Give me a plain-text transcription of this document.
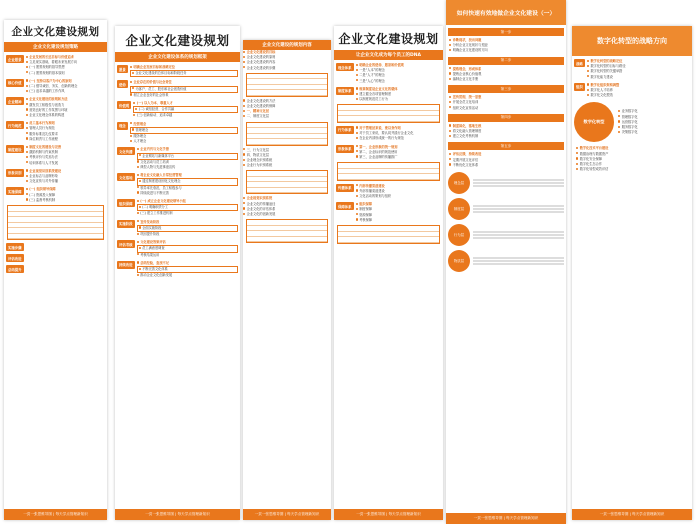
企业文化建设规划
企业文化建设规划策略
企业愿景
企业发展的长远目标与价值追求
立足现实基础，着眼未来发展方向
(一) 愿景规划的指导思想
(二) 愿景规划的基本原则
核心价值
(一) 坚持以客户为中心的原则
(二) 倡导诚信、务实、创新的理念
(三) 追求卓越的工作作风
企业精神
企业文化建设的原则和方法
激发员工积极性与创造力
营造良好的工作氛围与环境
企业文化理念体系的构建
行为规范
员工基本行为准则
管理人员行为规范
服务标准及礼仪要求
岗位职责与工作流程
制度建设
制度文化的建设与完善
激励机制与约束机制
考核评价与奖惩办法
培训体系与人才发展
形象识别
企业视觉识别系统建设
企业标志与品牌形象
文化宣传与对外传播
实施保障
(一) 组织领导保障
(二) 资源投入保障
(三) 监督考核机制
实施步骤
评估改进
总结提升
一页一张思维导图 | 每天学点管理新知识
企业文化建设规划
企业文化建设体系的规划框架
愿景
明确企业发展目标和战略定位
企业文化建设的总体目标和阶段任务
使命
企业存在的价值与社会责任
为客户、员工、股东和社会创造价值
树立企业良好的社会形象
价值观
(一) 以人为本、尊重人才
(二) 诚信经营、合作共赢
(三) 创新驱动、追求卓越
理念
经营理念
管理理念
服务理念
人才理念
文化传播
企业内刊与文化手册
企业网站与新媒体平台
文化活动与员工培训
典型人物与先进事迹宣传
文化落地
将企业文化融入日常经营管理
通过制度建设固化文化理念
领导率先垂范，员工积极参与
持续改进与不断完善
组织保障
(一) 成立企业文化建设领导小组
(二) 明确职责分工
(三) 建立工作推进机制
实施阶段
宣传发动阶段
全面实施阶段
巩固提升阶段
评估考核
文化建设效果评估
员工满意度调查
考核结果运用
持续改进
总结经验，查找不足
不断完善文化体系
推动企业文化创新发展
一页一张思维导图 | 每天学点管理新知识
企业文化建设的规划内容
企业文化建设的目标
企业文化建设的原则
企业文化建设的内容
企业文化建设的步骤
企业文化建设的方法
企业文化建设的保障
一、精神文化层
二、制度文化层
三、行为文化层
四、物质文化层
企业理念识别系统
企业行为识别系统
企业视觉识别系统
企业文化的传播途径
企业文化的评估体系
企业文化的创新发展
一页一张思维导图 | 每天学点管理新知识
企业文化建设规划
让企业文化成为每个员工的DNA
理念体系
明确企业的使命、愿景和价值观
一是“人本”的理念
二是“人才”的理念
三是“人心”的理念
制度体系
规章制度是企业文化的载体
建立健全各项管理制度
以制度规范员工行为
行为体系
对于管理层来说，要以身作则
对于员工来说，要认同并践行企业文化
在企业内部形成统一的行为规范
形象体系
第一，企业形象的统一规划
第二，企业标识的规范使用
第三，企业品牌的传播推广
传播体系
内部传播渠道建设
外部传播渠道建设
文化活动的策划与组织
保障体系
组织保障
制度保障
资源保障
考核保障
一页一张思维导图 | 每天学点管理新知识
如何快速有效地做企业文化建设（一）
第一步
诊断现状，找出问题
分析企业文化现状与差距
明确企业文化建设的方向
第二步
提炼理念，形成体系
提炼企业核心价值观
编制企业文化手册
第三步
宣传贯彻，统一思想
开展全员文化培训
组织文化宣传活动
第四步
制度固化，落地生根
将文化融入管理制度
建立文化考核机制
第五步
评估反馈，持续改进
定期开展文化评估
不断优化文化体系
理念层
制度层
行为层
物质层
一页一张思维导图 | 每天学点管理新知识
数字化转型的战略方向
战略
数字化转型的战略定位
数字化转型的目标与路径
数字化转型的关键举措
数字化能力建设
组织
数字化组织架构调整
数字化人才培养
数字化文化塑造
数字化转型
业务数字化
管理数字化
运营数字化
服务数字化
决策数字化
数字化技术平台建设
数据治理与数据资产
数字化安全保障
数字化生态合作
数字化转型成效评估
一页一张思维导图 | 每天学点管理新知识
